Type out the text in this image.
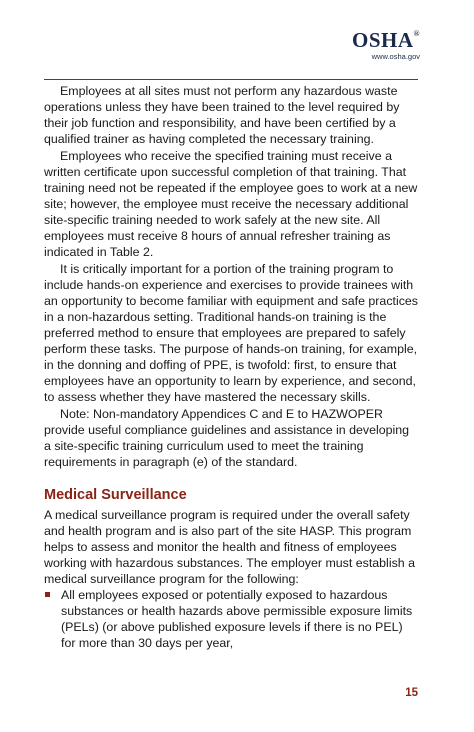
OSHA®
www.osha.gov

Employees at all sites must not perform any hazardous waste operations unless they have been trained to the level required by their job function and responsibility, and have been certified by a qualified trainer as having completed the necessary training.

Employees who receive the specified training must receive a written certificate upon successful completion of that training. That training need not be repeated if the employee goes to work at a new site; however, the employee must receive the necessary additional site-specific training needed to work safely at the new site. All employees must receive 8 hours of annual refresher training as indicated in Table 2.

It is critically important for a portion of the training program to include hands-on experience and exercises to provide trainees with an opportunity to become familiar with equipment and safe practices in a non-hazardous setting. Traditional hands-on training is the preferred method to ensure that employees are prepared to safely perform these tasks. The purpose of hands-on training, for example, in the donning and doffing of PPE, is twofold: first, to ensure that employees have an opportunity to learn by experience, and second, to assess whether they have mastered the necessary skills.

Note: Non-mandatory Appendices C and E to HAZWOPER provide useful compliance guidelines and assistance in developing a site-specific training curriculum used to meet the training requirements in paragraph (e) of the standard.

Medical Surveillance

A medical surveillance program is required under the overall safety and health program and is also part of the site HASP. This program helps to assess and monitor the health and fitness of employees working with hazardous substances. The employer must establish a medical surveillance program for the following:

All employees exposed or potentially exposed to hazardous substances or health hazards above permissible exposure limits (PELs) (or above published exposure levels if there is no PEL) for more than 30 days per year,
15
